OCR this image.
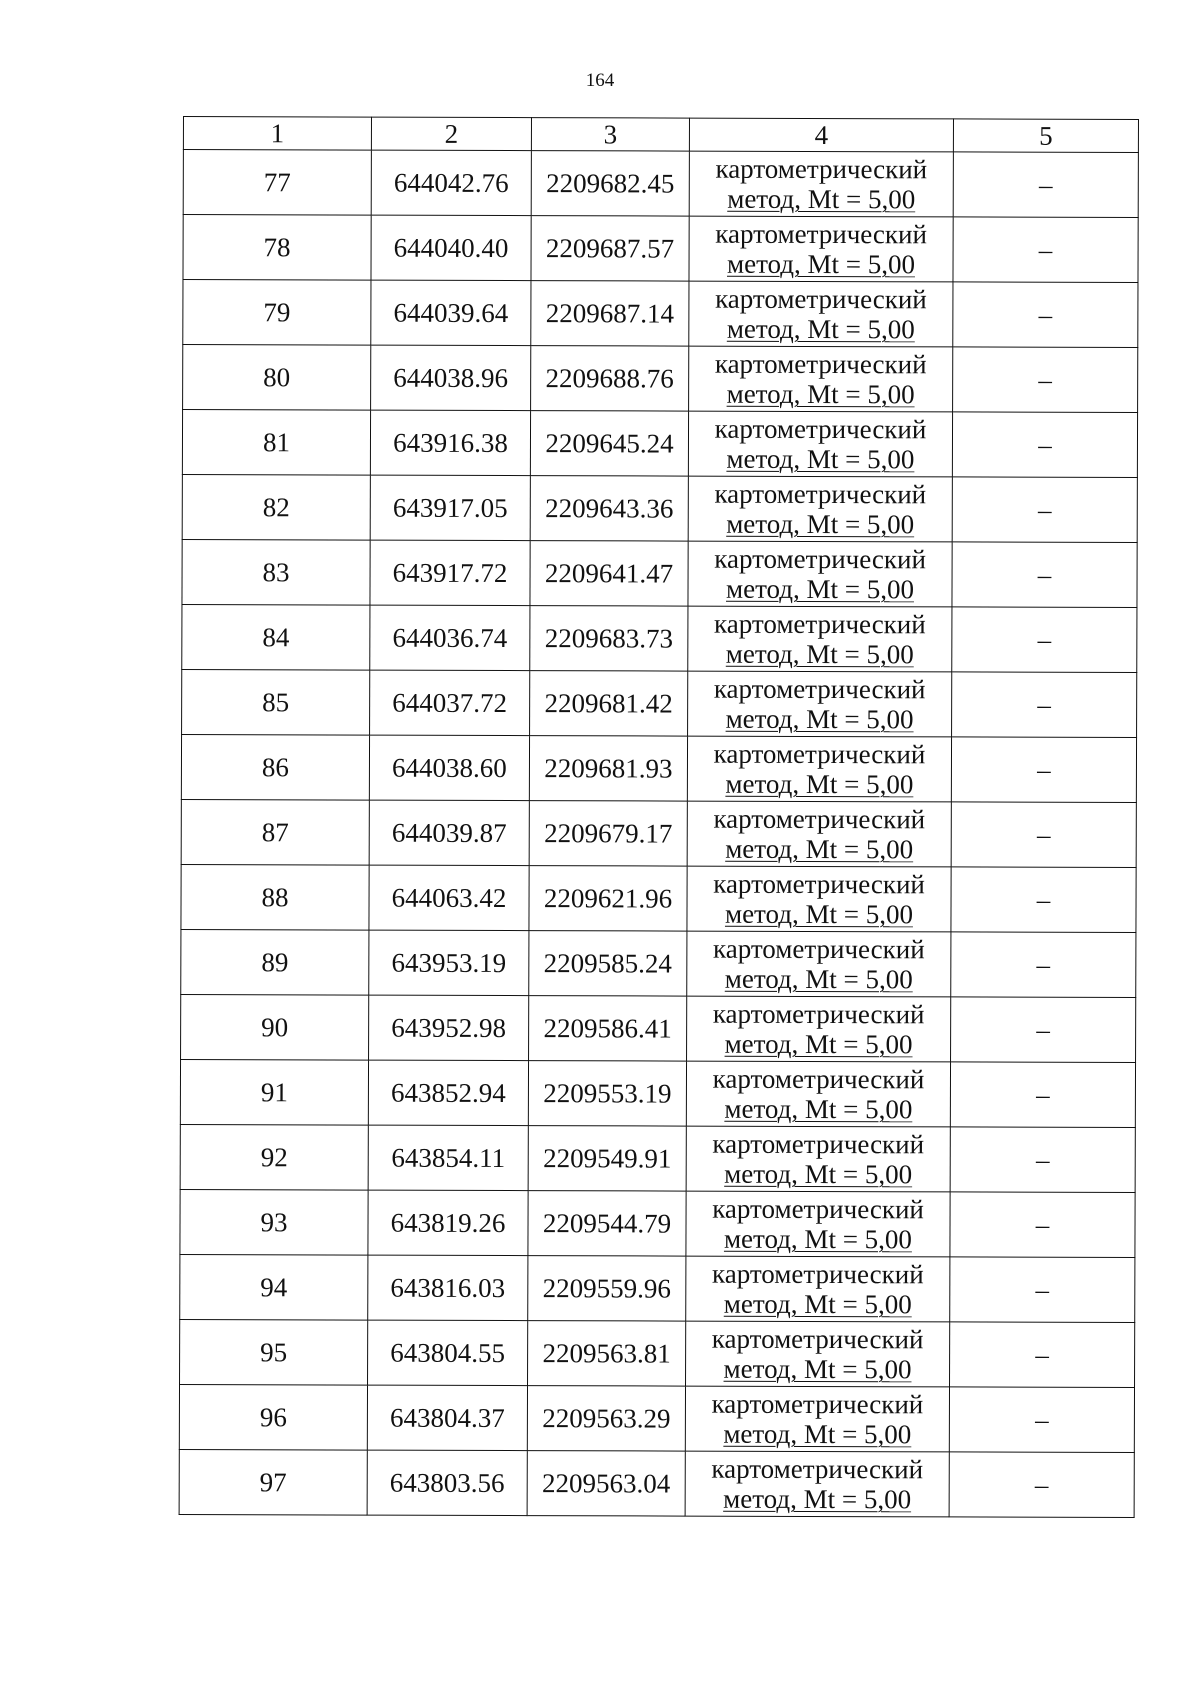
164
1	2	3	4	5
77	644042.76	2209682.45	картометрический
метод, Mt = 5,00	–
78	644040.40	2209687.57	картометрический
метод, Mt = 5,00	–
79	644039.64	2209687.14	картометрический
метод, Mt = 5,00	–
80	644038.96	2209688.76	картометрический
метод, Mt = 5,00	–
81	643916.38	2209645.24	картометрический
метод, Mt = 5,00	–
82	643917.05	2209643.36	картометрический
метод, Mt = 5,00	–
83	643917.72	2209641.47	картометрический
метод, Mt = 5,00	–
84	644036.74	2209683.73	картометрический
метод, Mt = 5,00	–
85	644037.72	2209681.42	картометрический
метод, Mt = 5,00	–
86	644038.60	2209681.93	картометрический
метод, Mt = 5,00	–
87	644039.87	2209679.17	картометрический
метод, Mt = 5,00	–
88	644063.42	2209621.96	картометрический
метод, Mt = 5,00	–
89	643953.19	2209585.24	картометрический
метод, Mt = 5,00	–
90	643952.98	2209586.41	картометрический
метод, Mt = 5,00	–
91	643852.94	2209553.19	картометрический
метод, Mt = 5,00	–
92	643854.11	2209549.91	картометрический
метод, Mt = 5,00	–
93	643819.26	2209544.79	картометрический
метод, Mt = 5,00	–
94	643816.03	2209559.96	картометрический
метод, Mt = 5,00	–
95	643804.55	2209563.81	картометрический
метод, Mt = 5,00	–
96	643804.37	2209563.29	картометрический
метод, Mt = 5,00	–
97	643803.56	2209563.04	картометрический
метод, Mt = 5,00	–
